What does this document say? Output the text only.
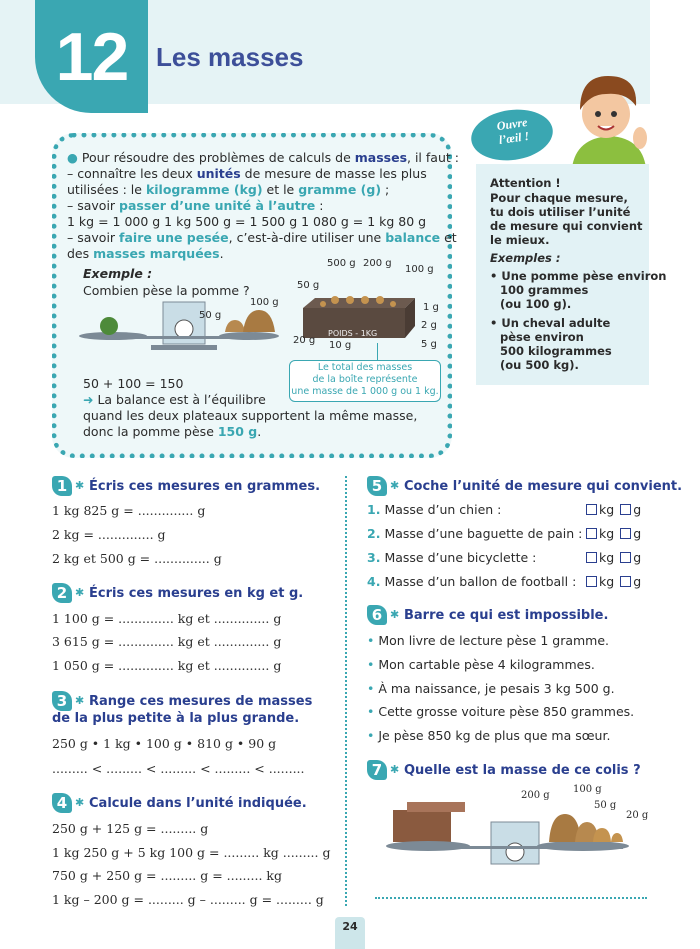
12	Les masses
● Pour résoudre des problèmes de calculs de masses, il faut :
– connaître les deux unités de mesure de masse les plus
utilisées : le kilogramme (kg) et le gramme (g) ;
– savoir passer d’une unité à l’autre :
1 kg = 1 000 g 1 kg 500 g = 1 500 g 1 080 g = 1 kg 80 g
– savoir faire une pesée, c’est-à-dire utiliser une balance et
des masses marquées.
Exemple :
Combien pèse la pomme ?
50 g
100 g
POIDS - 1KG
500 g 200 g
100 g
50 g
1 g
2 g
5 g
20 g 10 g
Le total des masses
de la boîte représente
une masse de 1 000 g ou 1 kg.
50 + 100 = 150
➜ La balance est à l’équilibre
quand les deux plateaux supportent la même masse,
donc la pomme pèse 150 g.
Ouvre
l’œil !
Attention !
Pour chaque mesure,
tu dois utiliser l’unité
de mesure qui convient
le mieux.
Exemples :
• Une pomme pèse environ
100 grammes
(ou 100 g).
• Un cheval adulte
pèse environ
500 kilogrammes
(ou 500 kg).
1 ✱ Écris ces mesures en grammes.
1 kg 825 g = .............. g
2 kg = .............. g
2 kg et 500 g = .............. g
2 ✱ Écris ces mesures en kg et g.
1 100 g = .............. kg et .............. g
3 615 g = .............. kg et .............. g
1 050 g = .............. kg et .............. g
3 ✱ Range ces mesures de masses
de la plus petite à la plus grande.
250 g • 1 kg • 100 g • 810 g • 90 g
......... < ......... < ......... < ......... < .........
4 ✱ Calcule dans l’unité indiquée.
250 g + 125 g = ......... g
1 kg 250 g + 5 kg 100 g = ......... kg ......... g
750 g + 250 g = ......... g = ......... kg
1 kg – 200 g = ......... g – ......... g = ......... g
5 ✱ Coche l’unité de mesure qui convient.
1. Masse d’un chien :
2. Masse d’une baguette de pain :
3. Masse d’une bicyclette :
4. Masse d’un ballon de football :
kg g
kg g
kg g
kg g
6 ✱ Barre ce qui est impossible.
• Mon livre de lecture pèse 1 gramme.
• Mon cartable pèse 4 kilogrammes.
• À ma naissance, je pesais 3 kg 500 g.
• Cette grosse voiture pèse 850 grammes.
• Je pèse 850 kg de plus que ma sœur.
7 ✱ Quelle est la masse de ce colis ?
200 g
100 g
50 g
20 g
24
